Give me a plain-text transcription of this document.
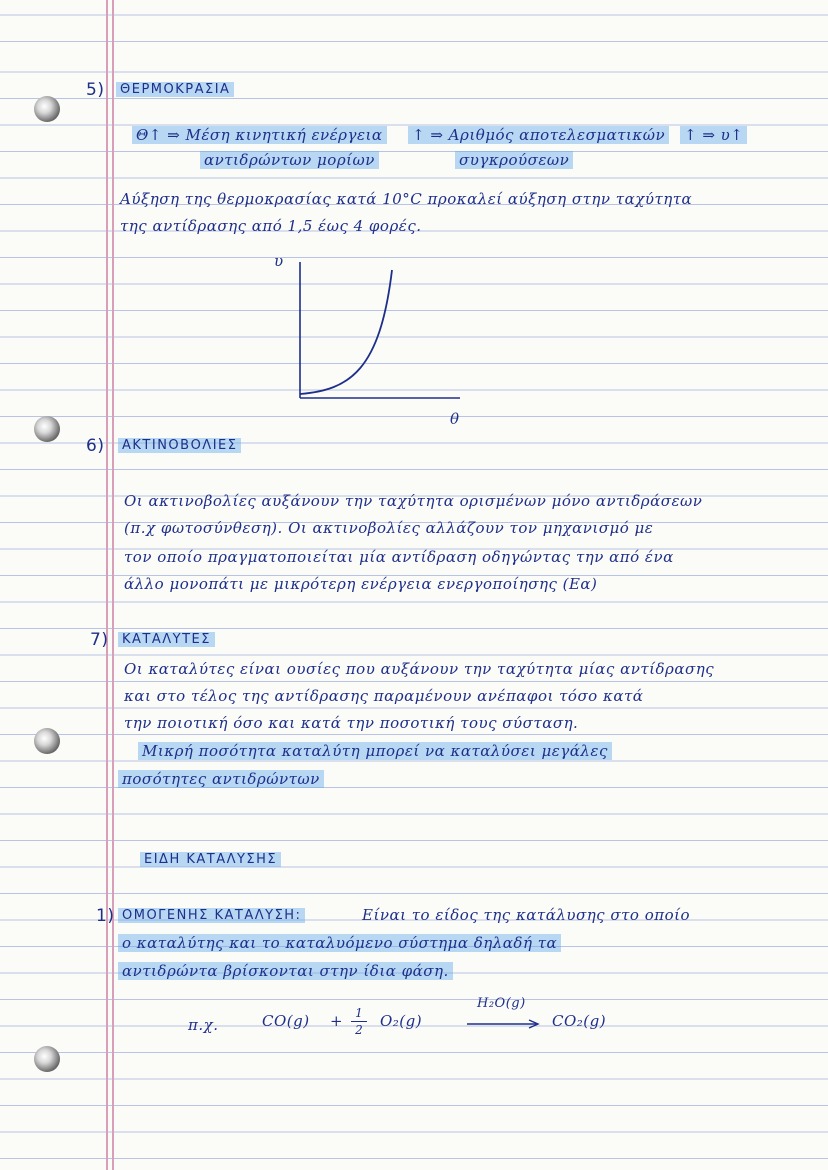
5)	ΘΕΡΜΟΚΡΑΣΙΑ
Θ↑ ⇒ Μέση κινητική ενέργεια
αντιδρώντων μορίων
↑ ⇒ Αριθμός αποτελεσματικών
συγκρούσεων
↑ ⇒ υ↑
Αύξηση της θερμοκρασίας κατά 10°C προκαλεί αύξηση στην ταχύτητα
της αντίδρασης από 1,5 έως 4 φορές.
υ
θ
6)	ΑΚΤΙΝΟΒΟΛΙΕΣ
Οι ακτινοβολίες αυξάνουν την ταχύτητα ορισμένων μόνο αντιδράσεων
(π.χ φωτοσύνθεση). Οι ακτινοβολίες αλλάζουν τον μηχανισμό με
τον οποίο πραγματοποιείται μία αντίδραση οδηγώντας την από ένα
άλλο μονοπάτι με μικρότερη ενέργεια ενεργοποίησης (Εα)
7)	ΚΑΤΑΛΥΤΕΣ
Οι καταλύτες είναι ουσίες που αυξάνουν την ταχύτητα μίας αντίδρασης
και στο τέλος της αντίδρασης παραμένουν ανέπαφοι τόσο κατά
την ποιοτική όσο και κατά την ποσοτική τους σύσταση.
Μικρή ποσότητα καταλύτη μπορεί να καταλύσει μεγάλες
ποσότητες αντιδρώντων
ΕΙΔΗ ΚΑΤΑΛΥΣΗΣ
1) ΟΜΟΓΕΝΗΣ ΚΑΤΑΛΥΣΗ:	Είναι το είδος της κατάλυσης στο οποίο
ο καταλύτης και το καταλυόμενο σύστημα δηλαδή τα
αντιδρώντα βρίσκονται στην ίδια φάση.
π.χ.	CO(g) +	1
2 O₂(g)
H₂O(g)
CO₂(g)
